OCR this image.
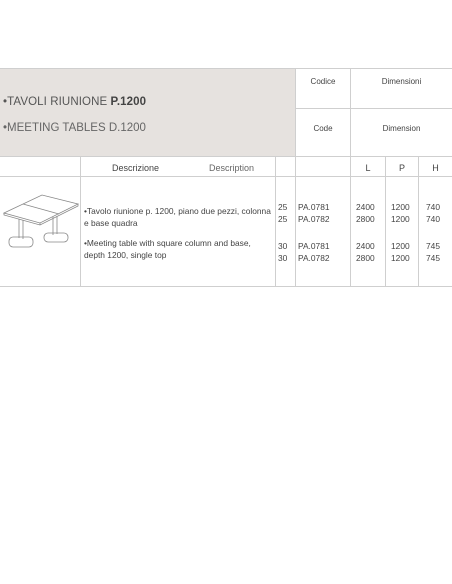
•TAVOLI RIUNIONE P.1200
•MEETING TABLES D.1200
Codice
Code
Dimensioni
Dimension
Descrizione	Description	L	P	H
•Tavolo riunione p. 1200, piano due pezzi, colonna e base quadra
•Meeting table with square column and base, depth 1200, single top
25 PA.0781	2400 1200 740
25 PA.0782	2800 1200 740
30 PA.0781	2400 1200 745
30 PA.0782	2800 1200 745
